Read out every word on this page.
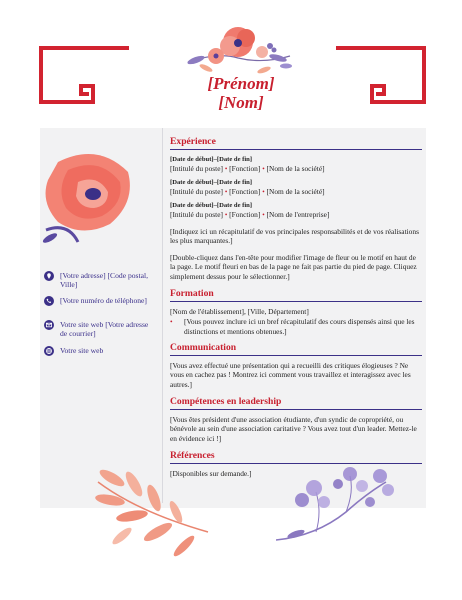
[Prénom]
[Nom]
[Votre adresse] [Code postal, Ville]
[Votre numéro de téléphone]
Votre site web [Votre adresse de courrier]
Votre site web
Expérience
[Date de début]–[Date de fin]
[Intitulé du poste] • [Fonction] • [Nom de la société]
[Date de début]–[Date de fin]
[Intitulé du poste] • [Fonction] • [Nom de la société]
[Date de début]–[Date de fin]
[Intitulé du poste] • [Fonction] • [Nom de l'entreprise]
[Indiquez ici un récapitulatif de vos principales responsabilités et de vos réalisations les plus marquantes.]
[Double-cliquez dans l'en-tête pour modifier l'image de fleur ou le motif en haut de la page. Le motif fleuri en bas de la page ne fait pas partie du pied de page. Cliquez simplement dessus pour le sélectionner.]
Formation
[Nom de l'établissement], [Ville, Département]
•	[Vous pouvez inclure ici un bref récapitulatif des cours dispensés ainsi que les distinctions et mentions obtenues.]
Communication
[Vous avez effectué une présentation qui a recueilli des critiques élogieuses ? Ne vous en cachez pas ! Montrez ici comment vous travaillez et interagissez avec les autres.]
Compétences en leadership
[Vous êtes président d'une association étudiante, d'un syndic de copropriété, ou bénévole au sein d'une association caritative ? Vous avez tout d'un leader. Mettez-le en évidence ici !]
Références
[Disponibles sur demande.]
